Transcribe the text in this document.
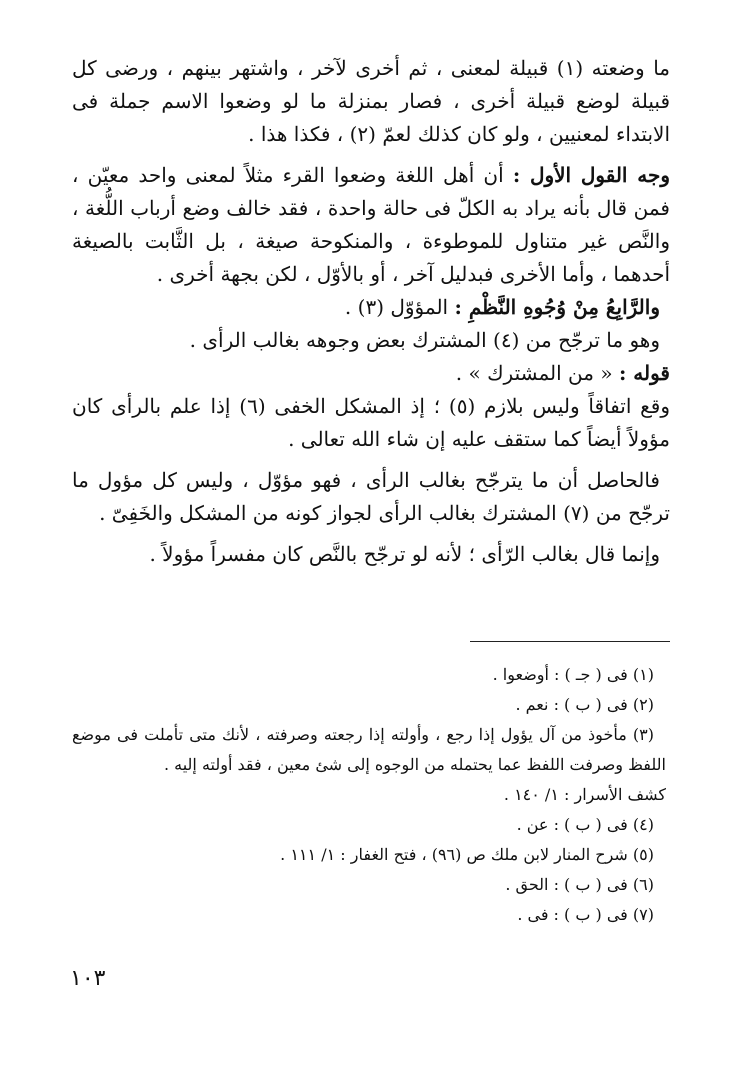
ما وضعته (١) قبيلة لمعنى ، ثم أخرى لآخر ، واشتهر بينهم ، ورضى كل قبيلة لوضع قبيلة أخرى ، فصار بمنزلة ما لو وضعوا الاسم جملة فى الابتداء لمعنيين ، ولو كان كذلك لعمّ (٢) ، فكذا هذا .

وجه القول الأول : أن أهل اللغة وضعوا القرء مثلاً لمعنى واحد معيّن ، فمن قال بأنه يراد به الكلّ فى حالة واحدة ، فقد خالف وضع أرباب اللُّغة ، والنَّص غير متناول للموطوءة ، والمنكوحة صيغة ، بل الثَّابت بالصيغة أحدهما ، وأما الأخرى فبدليل آخر ، أو بالأوّل ، لكن بجهة أخرى .

والرَّابِعُ مِنْ وُجُوهِ النَّظْمِ : المؤوّل (٣) .

وهو ما ترجّح من (٤) المشترك بعض وجوهه بغالب الرأى .

قوله : « من المشترك » .

وقع اتفاقاً وليس بلازم (٥) ؛ إذ المشكل الخفى (٦) إذا علم بالرأى كان مؤولاً أيضاً كما ستقف عليه إن شاء الله تعالى .

فالحاصل أن ما يترجّح بغالب الرأى ، فهو مؤوّل ، وليس كل مؤول ما ترجّح من (٧) المشترك بغالب الرأى لجواز كونه من المشكل والخَفِىّ .

وإنما قال بغالب الرّأى ؛ لأنه لو ترجّح بالنَّص كان مفسراً مؤولاً .

(١) فى ( جـ ) : أوضعوا .

(٢) فى ( ب ) : نعم .

(٣) مأخوذ من آل يؤول إذا رجع ، وأولته إذا رجعته وصرفته ، لأنك متى تأملت فى موضع اللفظ وصرفت اللفظ عما يحتمله من الوجوه إلى شئ معين ، فقد أولته إليه .

كشف الأسرار : ١/ ١٤٠ .

(٤) فى ( ب ) : عن .

(٥) شرح المنار لابن ملك ص (٩٦) ، فتح الغفار : ١/ ١١١ .

(٦) فى ( ب ) : الحق .

(٧) فى ( ب ) : فى .

١٠٣
